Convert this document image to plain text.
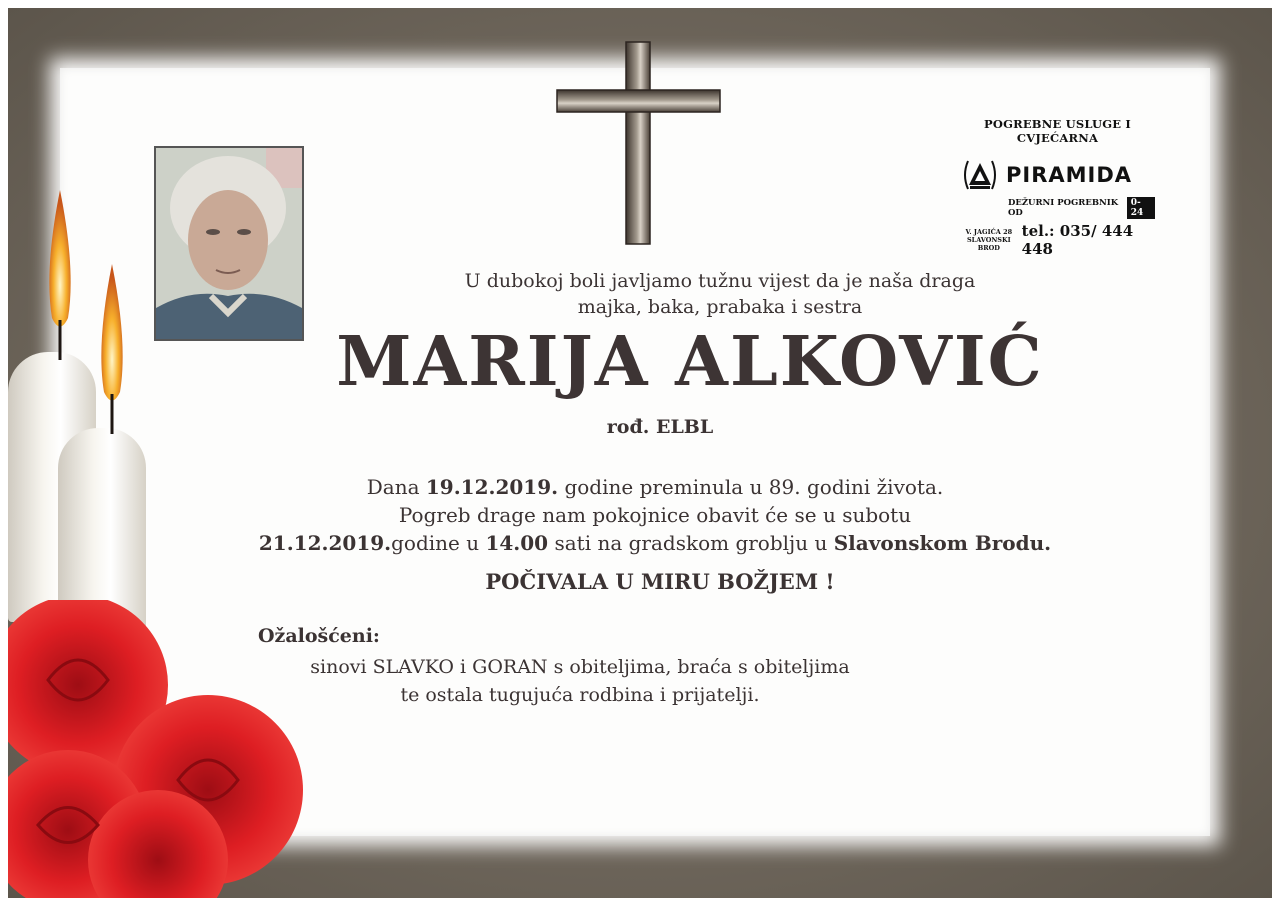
POGREBNE USLUGE I CVJEĆARNA
PIRAMIDA
DEŽURNI POGREBNIK OD
0-24
V. JAGIĆA 28
SLAVONSKI BROD
tel.: 035/ 444 448
U dubokoj boli javljamo tužnu vijest da je naša draga
majka, baka, prabaka i sestra
MARIJA ALKOVIĆ
rođ. ELBL
Dana 19.12.2019. godine preminula u 89. godini života.
Pogreb drage nam pokojnice obavit će se u subotu
21.12.2019.godine u 14.00 sati na gradskom groblju u Slavonskom Brodu.
POČIVALA U MIRU BOŽJEM !
Ožalošćeni:
sinovi SLAVKO i GORAN s obiteljima, braća s obiteljima
te ostala tugujuća rodbina i prijatelji.
